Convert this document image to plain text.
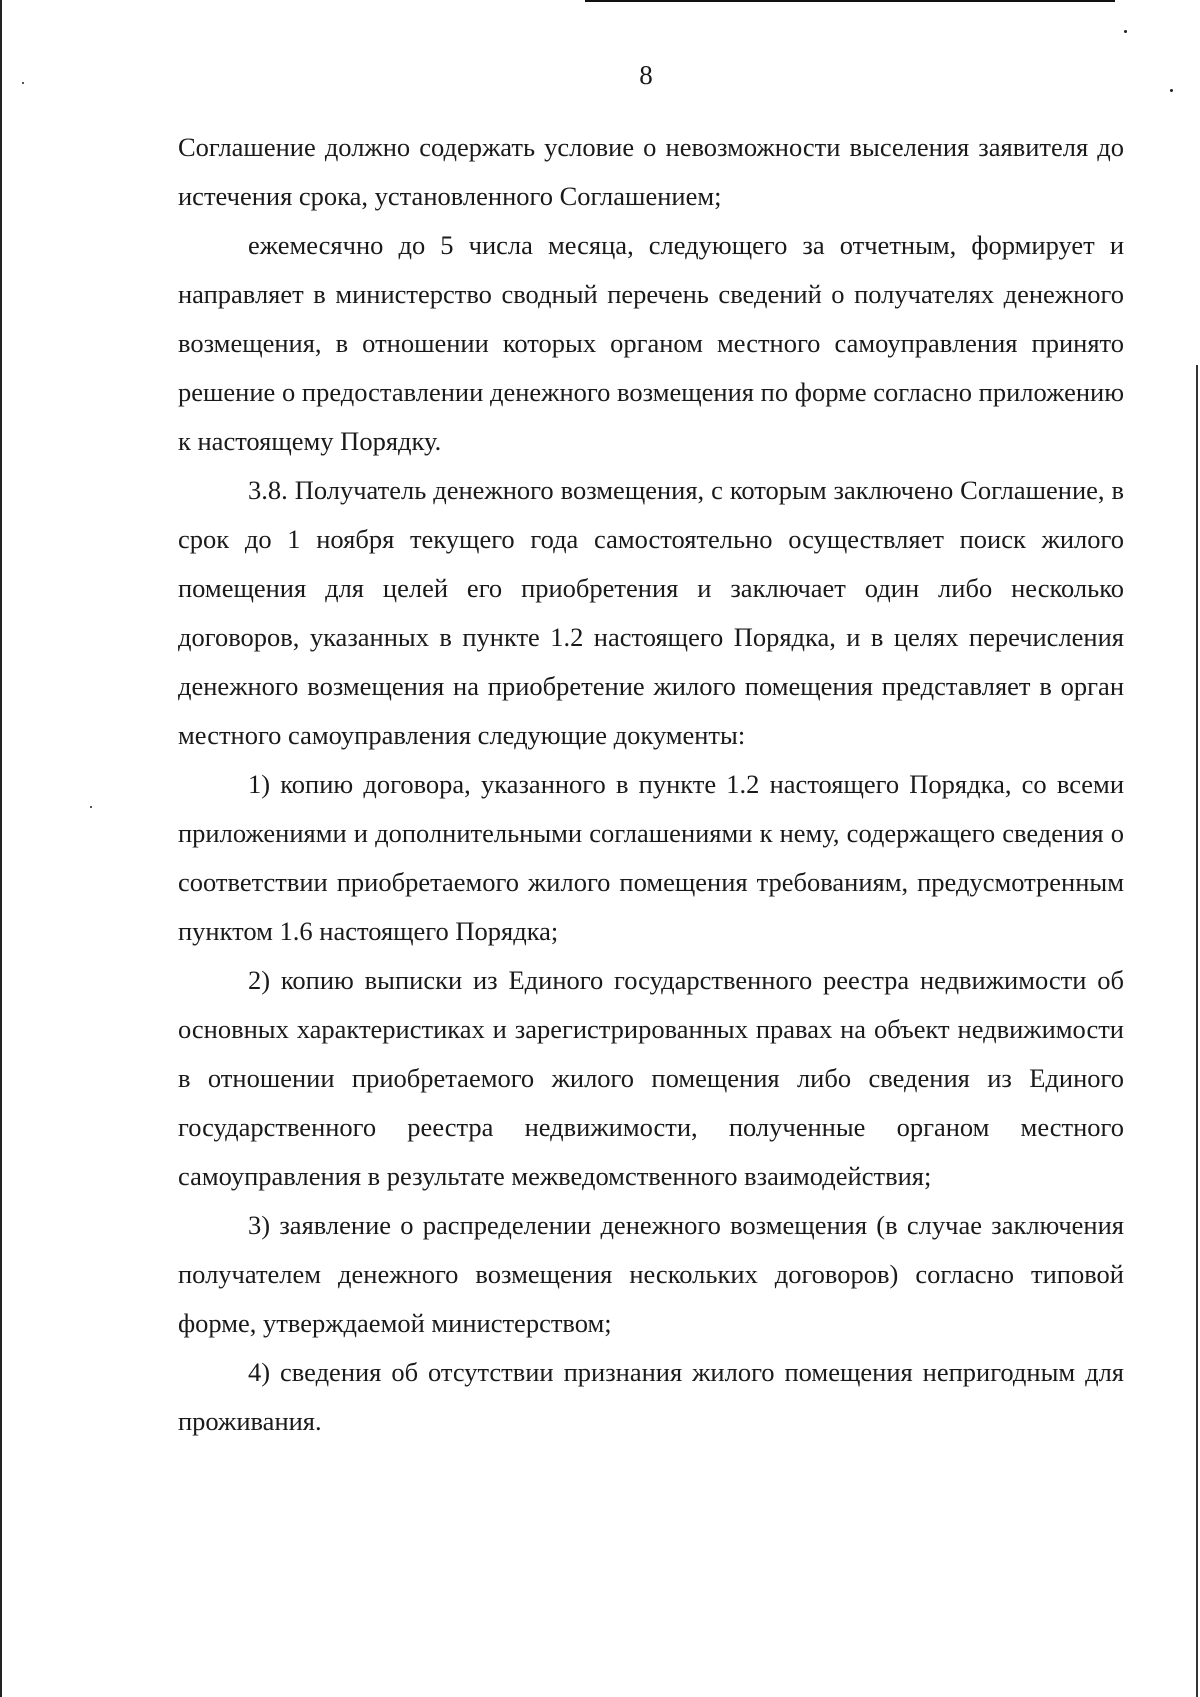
8

Соглашение должно содержать условие о невозможности выселения заявителя до истечения срока, установленного Соглашением;

ежемесячно до 5 числа месяца, следующего за отчетным, формирует и направляет в министерство сводный перечень сведений о получателях денежного возмещения, в отношении которых органом местного самоуправления принято решение о предоставлении денежного возмещения по форме согласно приложению к настоящему Порядку.

3.8. Получатель денежного возмещения, с которым заключено Соглашение, в срок до 1 ноября текущего года самостоятельно осуществляет поиск жилого помещения для целей его приобретения и заключает один либо несколько договоров, указанных в пункте 1.2 настоящего Порядка, и в целях перечисления денежного возмещения на приобретение жилого помещения представляет в орган местного самоуправления следующие документы:

1) копию договора, указанного в пункте 1.2 настоящего Порядка, со всеми приложениями и дополнительными соглашениями к нему, содержащего сведения о соответствии приобретаемого жилого помещения требованиям, предусмотренным пунктом 1.6 настоящего Порядка;

2) копию выписки из Единого государственного реестра недвижимости об основных характеристиках и зарегистрированных правах на объект недвижимости в отношении приобретаемого жилого помещения либо сведения из Единого государственного реестра недвижимости, полученные органом местного самоуправления в результате межведомственного взаимодействия;

3) заявление о распределении денежного возмещения (в случае заключения получателем денежного возмещения нескольких договоров) согласно типовой форме, утверждаемой министерством;

4) сведения об отсутствии признания жилого помещения непригодным для проживания.
